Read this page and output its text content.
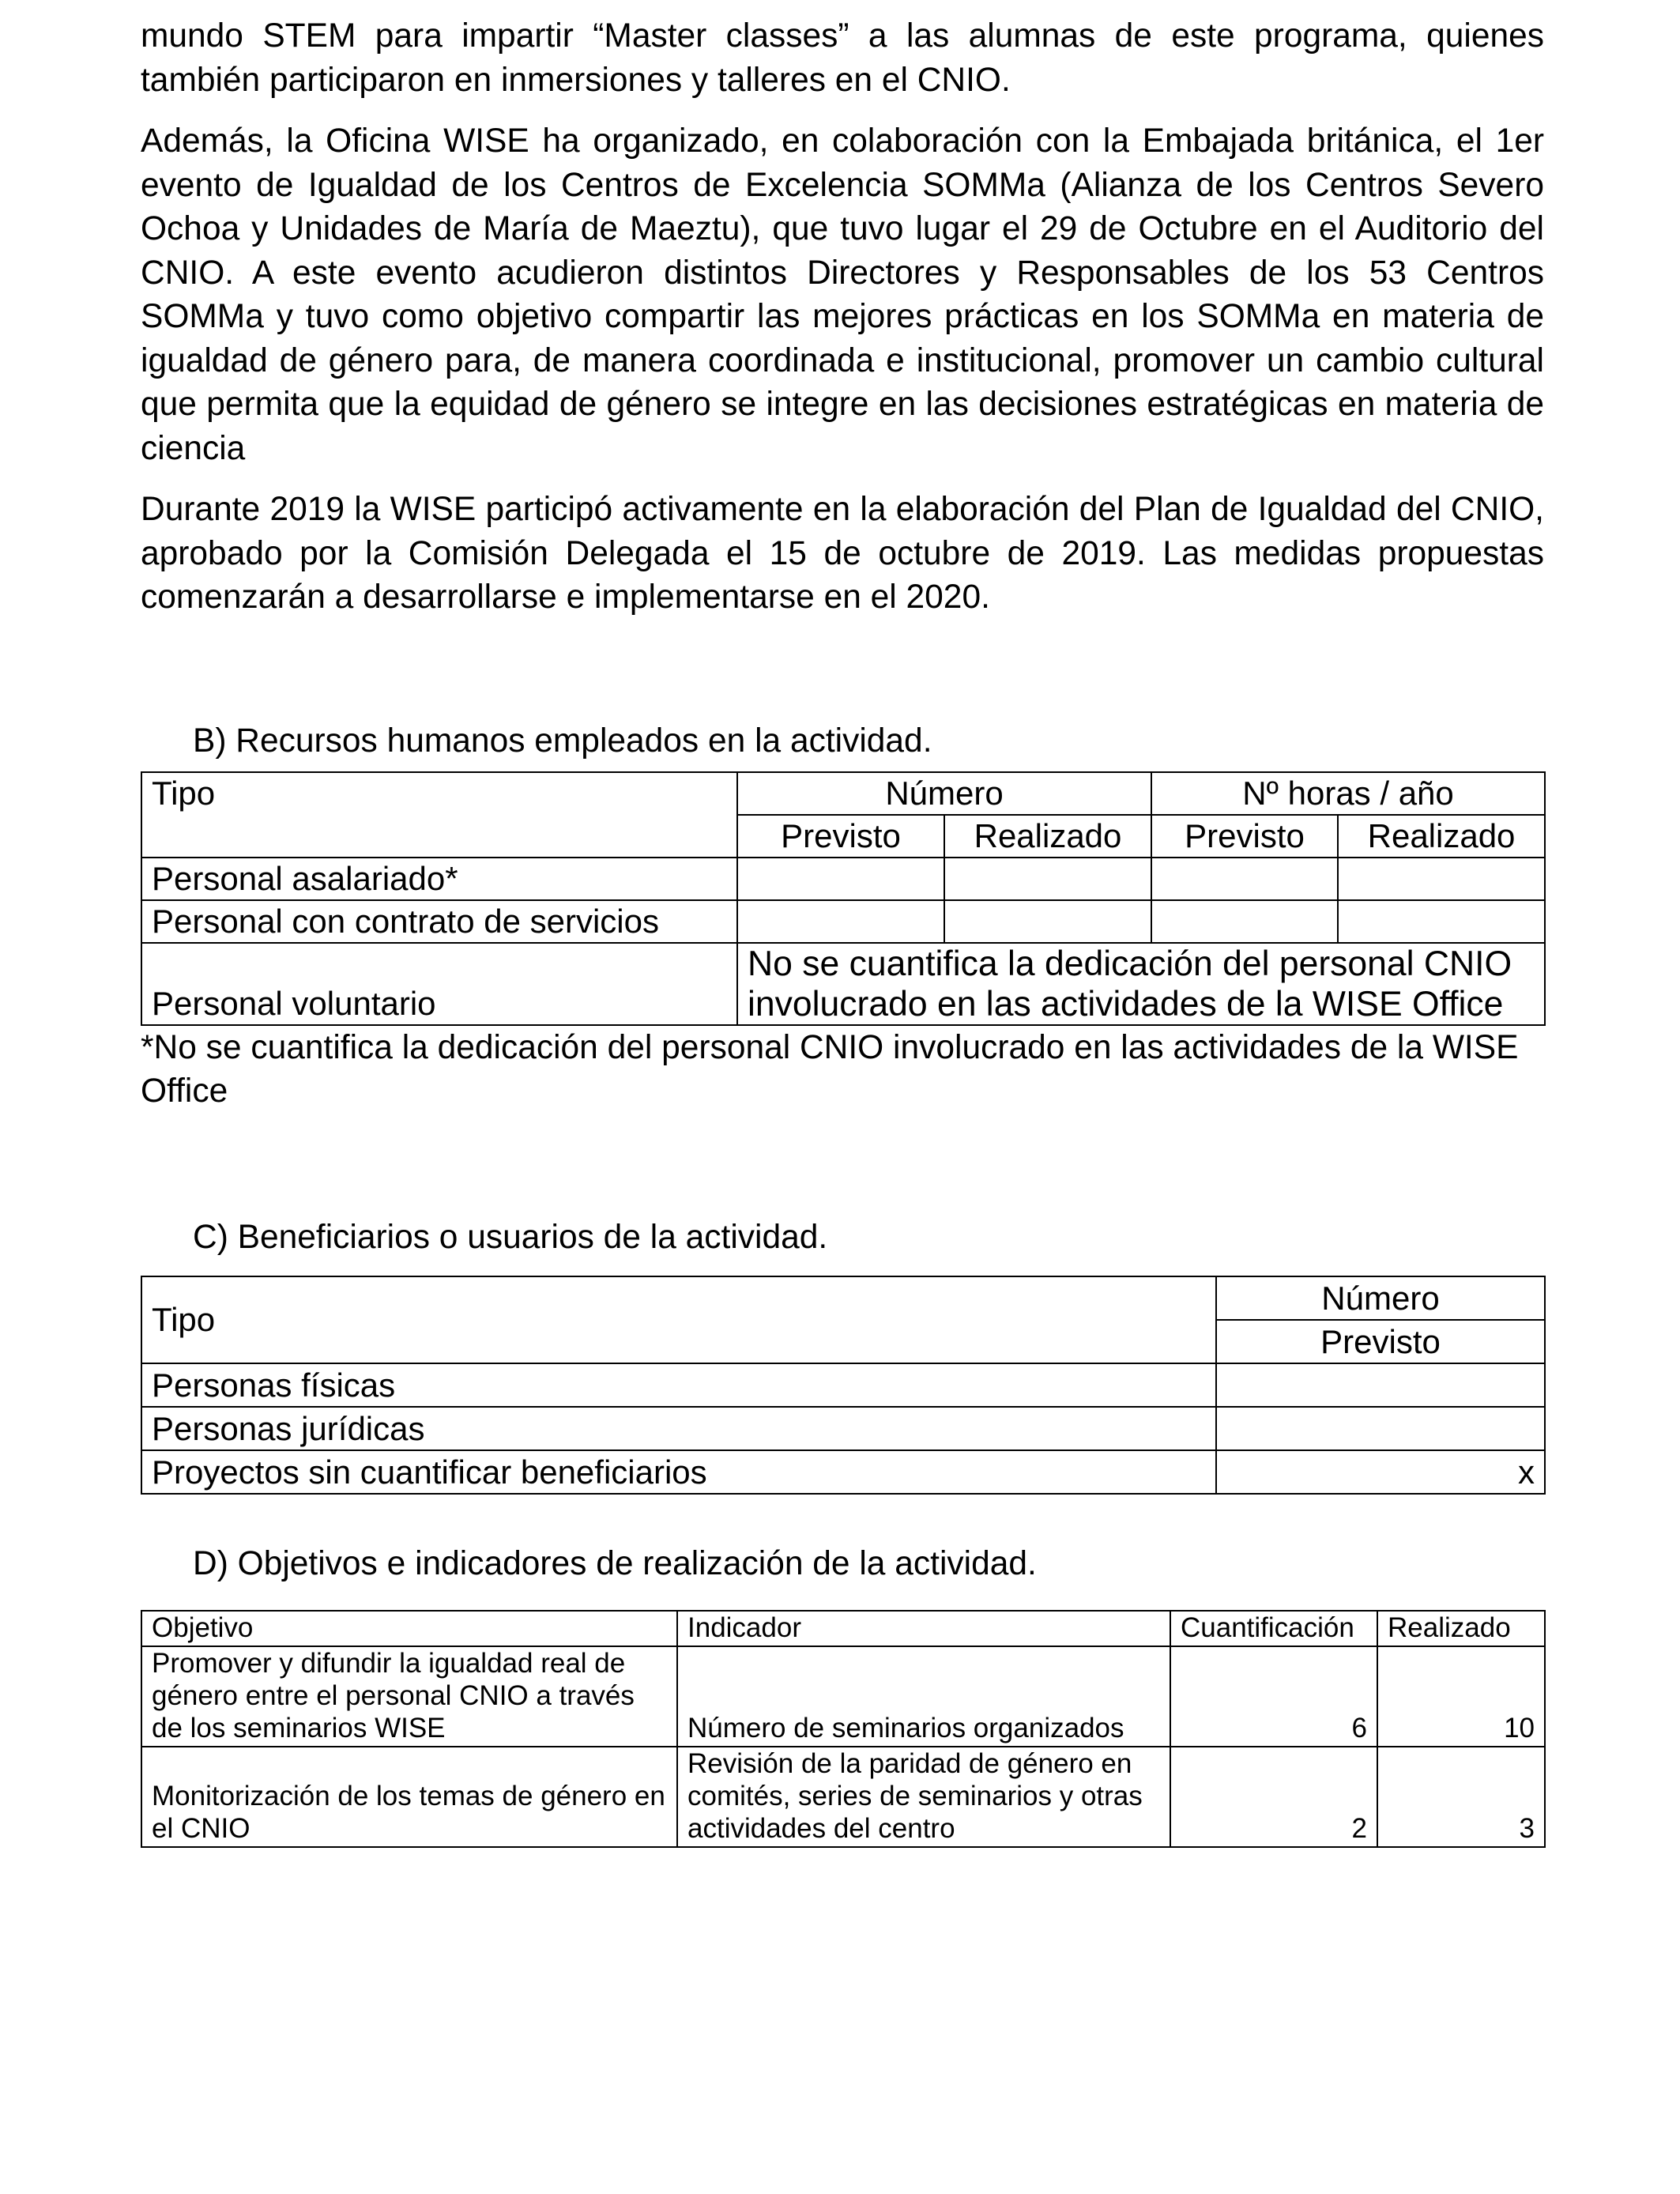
mundo STEM para impartir “Master classes” a las alumnas de este programa, quienes también participaron en inmersiones y talleres en el CNIO.

Además, la Oficina WISE ha organizado, en colaboración con la Embajada británica, el 1er evento de Igualdad de los Centros de Excelencia SOMMa (Alianza de los Centros Severo Ochoa y Unidades de María de Maeztu), que tuvo lugar el 29 de Octubre en el Auditorio del CNIO. A este evento acudieron distintos Directores y Responsables de los 53 Centros SOMMa y tuvo como objetivo compartir las mejores prácticas en los SOMMa en materia de igualdad de género para, de manera coordinada e institucional, promover un cambio cultural que permita que la equidad de género se integre en las decisiones estratégicas en materia de ciencia

Durante 2019 la WISE participó activamente en la elaboración del Plan de Igualdad del CNIO, aprobado por la Comisión Delegada el 15 de octubre de 2019. Las medidas propuestas comenzarán a desarrollarse e implementarse en el 2020.

B) Recursos humanos empleados en la actividad.

Tipo	Número		Nº horas / año	
	Previsto	Realizado	Previsto	Realizado
Personal asalariado*				
Personal con contrato de servicios				
Personal voluntario	No se cuantifica la dedicación del personal CNIO involucrado en las actividades de la WISE Office			

*No se cuantifica la dedicación del personal CNIO involucrado en las actividades de la WISE Office

C) Beneficiarios o usuarios de la actividad.

Tipo	Número
	Previsto
Personas físicas	
Personas jurídicas	
Proyectos sin cuantificar beneficiarios	x

D) Objetivos e indicadores de realización de la actividad.

Objetivo	Indicador	Cuantificación	Realizado
Promover y difundir la igualdad real de género entre el personal CNIO a través de los seminarios WISE	Número de seminarios organizados	6	10
Monitorización de los temas de género en el CNIO	Revisión de la paridad de género en comités, series de seminarios y otras actividades del centro	2	3
